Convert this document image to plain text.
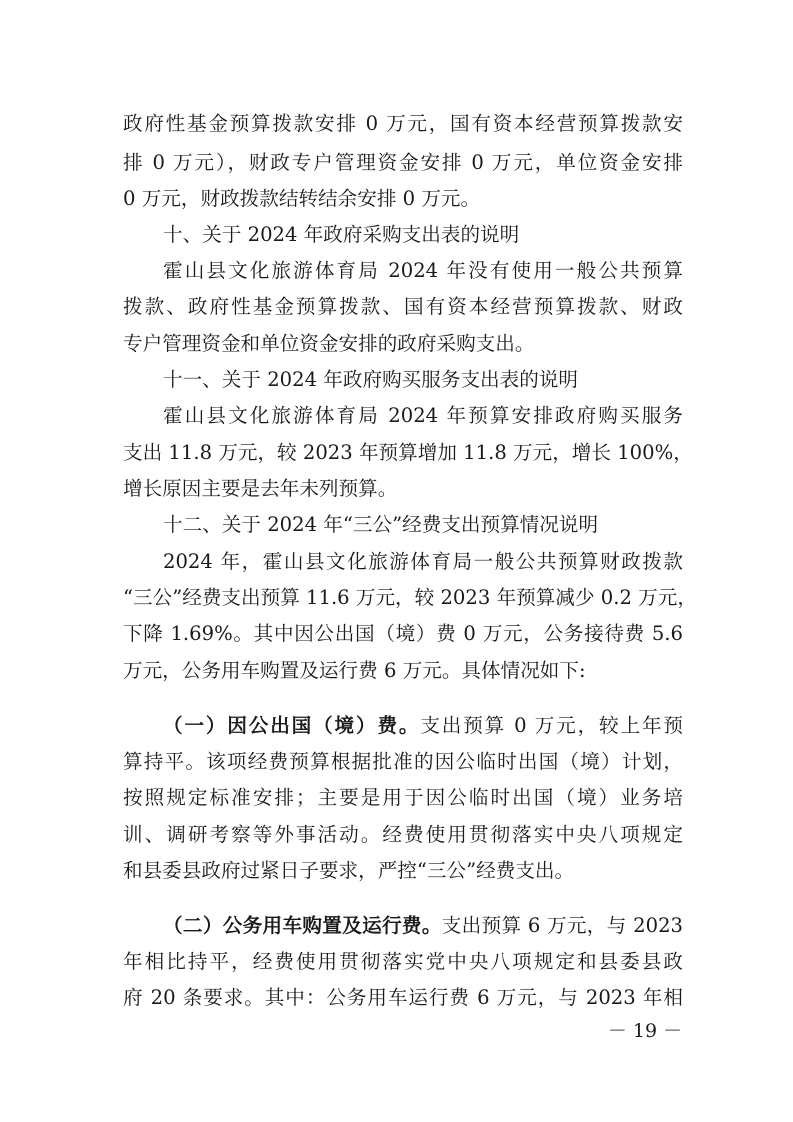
政府性基金预算拨款安排 0 万元，国有资本经营预算拨款安
排 0 万元），财政专户管理资金安排 0 万元，单位资金安排
0 万元，财政拨款结转结余安排 0 万元。
十、关于 2024 年政府采购支出表的说明
霍山县文化旅游体育局 2024 年没有使用一般公共预算
拨款、政府性基金预算拨款、国有资本经营预算拨款、财政
专户管理资金和单位资金安排的政府采购支出。
十一、关于 2024 年政府购买服务支出表的说明
霍山县文化旅游体育局 2024 年预算安排政府购买服务
支出 11.8 万元，较 2023 年预算增加 11.8 万元，增长 100%，
增长原因主要是去年未列预算。
十二、关于 2024 年“三公”经费支出预算情况说明
2024 年，霍山县文化旅游体育局一般公共预算财政拨款
“三公”经费支出预算 11.6 万元，较 2023 年预算减少 0.2 万元，
下降 1.69%。其中因公出国（境）费 0 万元，公务接待费 5.6
万元，公务用车购置及运行费 6 万元。具体情况如下:
（一）因公出国（境）费。支出预算 0 万元，较上年预
算持平。该项经费预算根据批准的因公临时出国（境）计划，
按照规定标准安排；主要是用于因公临时出国（境）业务培
训、调研考察等外事活动。经费使用贯彻落实中央八项规定
和县委县政府过紧日子要求，严控“三公”经费支出。
（二）公务用车购置及运行费。支出预算 6 万元，与 2023
年相比持平，经费使用贯彻落实党中央八项规定和县委县政
府 20 条要求。其中：公务用车运行费 6 万元，与 2023 年相
－ 19 －
